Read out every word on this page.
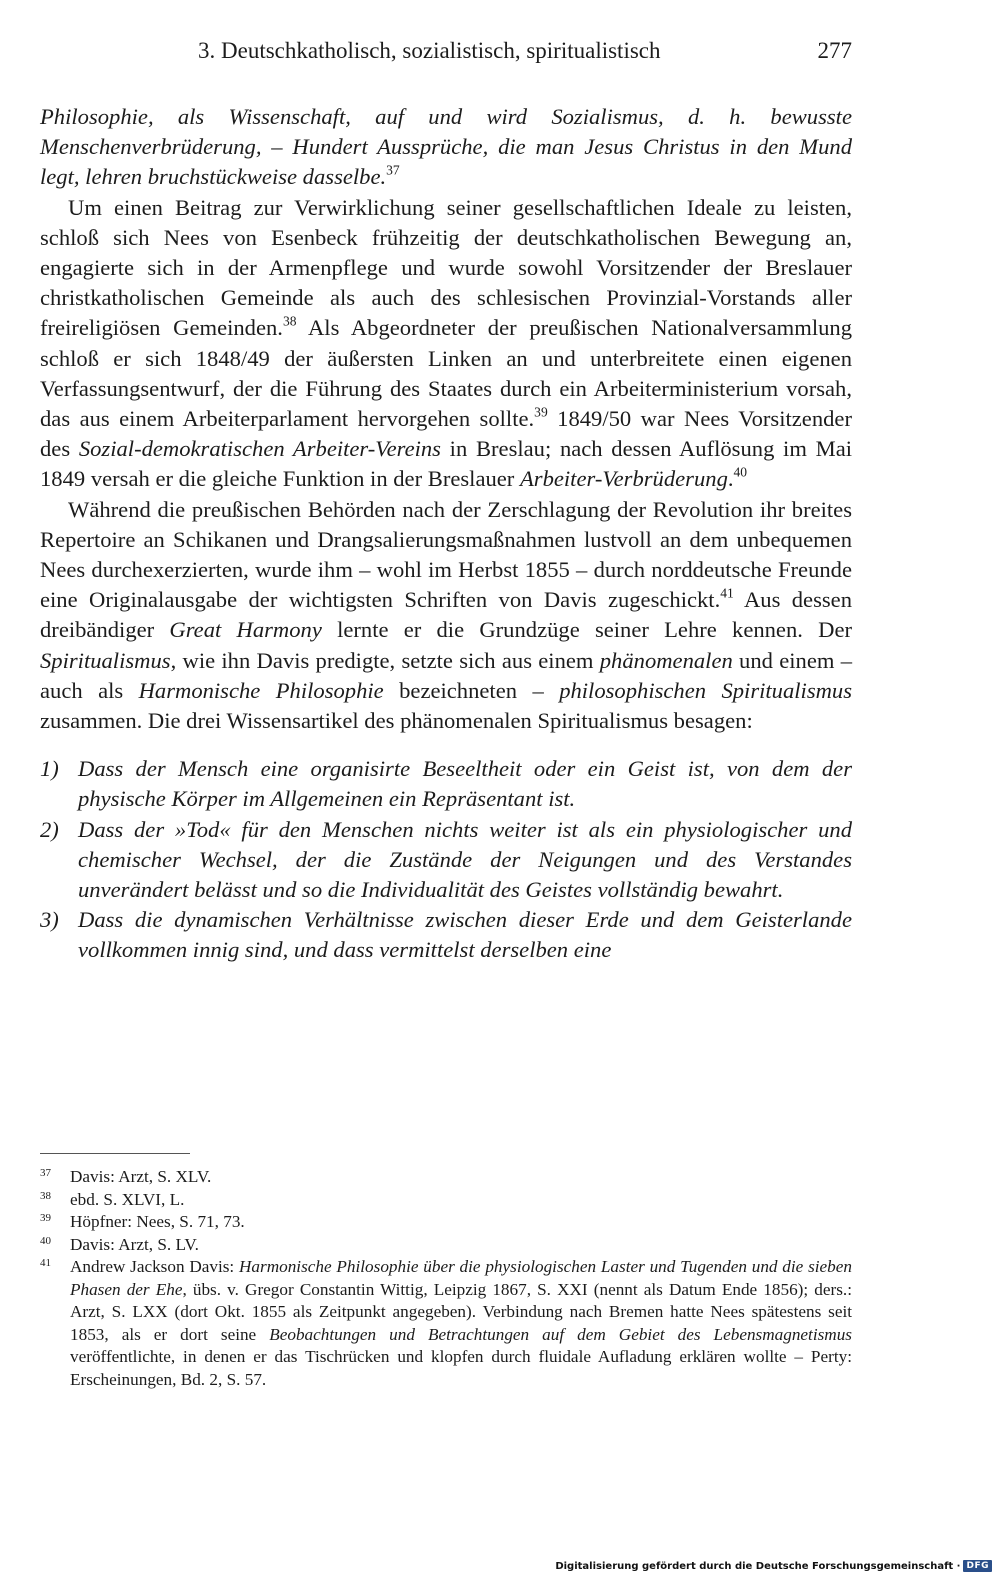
3. Deutschkatholisch, sozialistisch, spiritualistisch	277

Philosophie, als Wissenschaft, auf und wird Sozialismus, d. h. bewusste Menschenverbrüderung, – Hundert Aussprüche, die man Jesus Christus in den Mund legt, lehren bruchstückweise dasselbe.$^{37}$

Um einen Beitrag zur Verwirklichung seiner gesellschaftlichen Ideale zu leisten, schloß sich Nees von Esenbeck frühzeitig der deutschkatholischen Bewegung an, engagierte sich in der Armenpflege und wurde sowohl Vorsitzender der Breslauer christkatholischen Gemeinde als auch des schlesischen Provinzial-Vorstands aller freireligiösen Gemeinden.$^{38}$ Als Abgeordneter der preußischen Nationalversammlung schloß er sich 1848/49 der äußersten Linken an und unterbreitete einen eigenen Verfassungsentwurf, der die Führung des Staates durch ein Arbeiterministerium vorsah, das aus einem Arbeiterparlament hervorgehen sollte.$^{39}$ 1849/50 war Nees Vorsitzender des Sozial-demokratischen Arbeiter-Vereins in Breslau; nach dessen Auflösung im Mai 1849 versah er die gleiche Funktion in der Breslauer Arbeiter-Verbrüderung.$^{40}$

Während die preußischen Behörden nach der Zerschlagung der Revolution ihr breites Repertoire an Schikanen und Drangsalierungsmaßnahmen lustvoll an dem unbequemen Nees durchexerzierten, wurde ihm – wohl im Herbst 1855 – durch norddeutsche Freunde eine Originalausgabe der wichtigsten Schriften von Davis zugeschickt.$^{41}$ Aus dessen dreibändiger Great Harmony lernte er die Grundzüge seiner Lehre kennen. Der Spiritualismus, wie ihn Davis predigte, setzte sich aus einem phänomenalen und einem – auch als Harmonische Philosophie bezeichneten – philosophischen Spiritualismus zusammen. Die drei Wissensartikel des phänomenalen Spiritualismus besagen:

1) Dass der Mensch eine organisirte Beseeltheit oder ein Geist ist, von dem der physische Körper im Allgemeinen ein Repräsentant ist.
2) Dass der »Tod« für den Menschen nichts weiter ist als ein physiologischer und chemischer Wechsel, der die Zustände der Neigungen und des Verstandes unverändert belässt und so die Individualität des Geistes vollständig bewahrt.
3) Dass die dynamischen Verhältnisse zwischen dieser Erde und dem Geisterlande vollkommen innig sind, und dass vermittelst derselben eine
37 Davis: Arzt, S. XLV.
38 ebd. S. XLVI, L.
39 Höpfner: Nees, S. 71, 73.
40 Davis: Arzt, S. LV.
41 Andrew Jackson Davis: Harmonische Philosophie über die physiologischen Laster und Tugenden und die sieben Phasen der Ehe, übs. v. Gregor Constantin Wittig, Leipzig 1867, S. XXI (nennt als Datum Ende 1856); ders.: Arzt, S. LXX (dort Okt. 1855 als Zeitpunkt angegeben). Verbindung nach Bremen hatte Nees spätestens seit 1853, als er dort seine Beobachtungen und Betrachtungen auf dem Gebiet des Lebensmagnetismus veröffentlichte, in denen er das Tischrücken und klopfen durch fluidale Aufladung erklären wollte – Perty: Erscheinungen, Bd. 2, S. 57.
Digitalisierung gefördert durch die Deutsche Forschungsgemeinschaft · DFG
